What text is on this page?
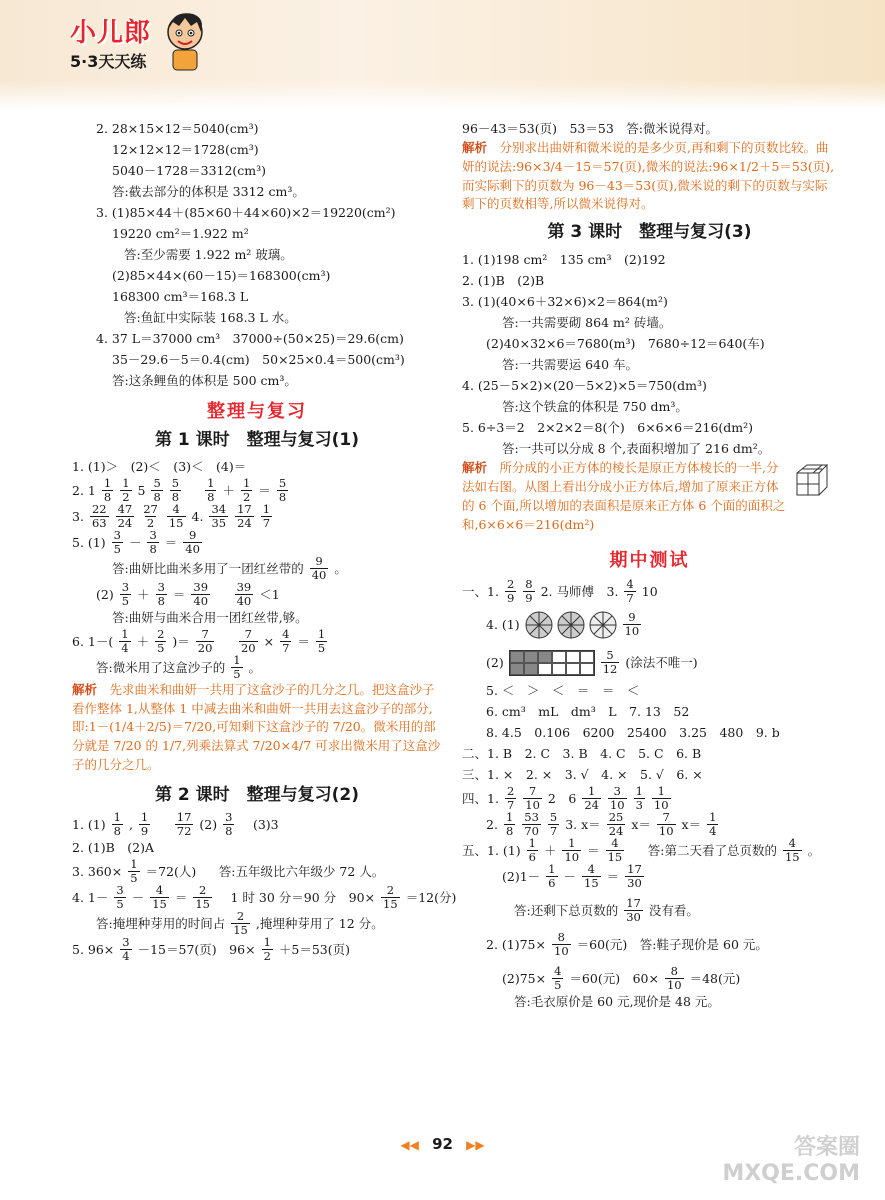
小儿郎
5·3天天练
2. 28×15×12＝5040(cm³)
12×12×12＝1728(cm³)
5040－1728＝3312(cm³)
答:截去部分的体积是 3312 cm³。
3. (1)85×44＋(85×60＋44×60)×2＝19220(cm²)
19220 cm²＝1.922 m²
答:至少需要 1.922 m² 玻璃。
(2)85×44×(60－15)＝168300(cm³)
168300 cm³＝168.3 L
答:鱼缸中实际装 168.3 L 水。
4. 37 L＝37000 cm³　37000÷(50×25)＝29.6(cm)
35－29.6－5＝0.4(cm)　50×25×0.4＝500(cm³)
答:这条鲤鱼的体积是 500 cm³。
整理与复习
第 1 课时　整理与复习(1)
1. (1)＞　(2)＜　(3)＜　(4)＝
2. $1 \frac{1}{8} \frac{1}{2} 5 \frac{5}{8} \frac{5}{8} \frac{1}{8} + \frac{1}{2} = \frac{5}{8}$
3. $\frac{22}{63} \frac{47}{24} \frac{27}{2} \frac{4}{15} 4$. $\frac{34}{35} \frac{17}{24} \frac{1}{7}$
5. $(1) \frac{3}{5} - \frac{3}{8} = \frac{9}{40}$
答:曲妍比曲米多用了一团红丝带的 $\frac{9}{40}$ 。
$(2) \frac{3}{5} + \frac{3}{8} = \frac{39}{40}$
　 $\frac{39}{40} <1$
答:曲妍与曲米合用一团红丝带,够。
6. $1-( \frac{1}{4} + \frac{2}{5}$ )＝ $\frac{7}{20}$
　 $\frac{7}{20} \times \frac{4}{7} = \frac{1}{5}$
答:微米用了这盒沙子的 $\frac{1}{5}$ 。
解析　 先求曲米和曲妍一共用了这盒沙子的几分之几。把这盒沙子看作整体 1,从整体 1 中减去曲米和曲妍一共用去这盒沙子的部分,即:1－(1/4＋2/5)＝7/20,可知剩下这盒沙子的 7/20。微米用的部分就是 7/20 的 1/7,列乘法算式 7/20×4/7 可求出微米用了这盒沙子的几分之几。
第 2 课时　整理与复习(2)
1. $(1) \frac{1}{8}$ , $\frac{1}{9}$
　 $\frac{17}{72} (2) \frac{3}{8}$ 　(3)3
2. (1)B　(2)A
3. $360\times \frac{1}{5} =72$(人)
　 答:五年级比六年级少 72 人。
4. $1- \frac{3}{5} - \frac{4}{15} = \frac{2}{15}$ 　1 时 30 分＝90 分　$90\times \frac{2}{15} =12$(分)
答:掩埋种芽用的时间占 $\frac{2}{15}$ ,掩埋种芽用了 12 分。
5. $96\times \frac{3}{4} -15=57$(页)　$96\times \frac{1}{2} +5=53$(页)
96－43＝53(页)　53＝53　答:微米说得对。
解析　 分别求出曲妍和微米说的是多少页,再和剩下的页数比较。曲妍的说法:96×3/4－15＝57(页),微米的说法:96×1/2＋5＝53(页),而实际剩下的页数为 96－43＝53(页),微米说的剩下的页数与实际剩下的页数相等,所以微米说得对。
第 3 课时　整理与复习(3)
1. (1)198 cm²　135 cm³　(2)192
2. (1)B　(2)B
3. (1)(40×6＋32×6)×2＝864(m²)
答:一共需要砌 864 m² 砖墙。
(2)40×32×6＝7680(m³)　7680÷12＝640(车)
答:一共需要运 640 车。
4. (25－5×2)×(20－5×2)×5＝750(dm³)
答:这个铁盒的体积是 750 dm³。
5. 6÷3＝2　2×2×2＝8(个)　6×6×6＝216(dm²)
答:一共可以分成 8 个,表面积增加了 216 dm²。
解析　 所分成的小正方体的棱长是原正方体棱长的一半,分法如右图。从图上看出分成小正方体后,增加了原来正方体的 6 个面,所以增加的表面积是原来正方体 6 个面的面积之和,6×6×6＝216(dm²)
期中测试
一、1. $\frac{2}{9} \frac{8}{9} 2$. 马师傅　3. $\frac{4}{7} 10$
4. (1)	$\frac{9}{10}$
(2)	$\frac{5}{12}$ (涂法不唯一)
5. ＜　＞　＜　＝　＝　＜
6. cm³　mL　dm³　L　7. 13　52
8. 4.5　0.106　6200　25400　3.25　480　9. b
二、1. B　2. C　3. B　4. C　5. C　6. B
三、1. ×　2. ×　3. √　4. ×　5. √　6. ×
四、1. $\frac{2}{7} \frac{7}{10} 2$　$6 \frac{1}{24} \frac{3}{10} \frac{1}{3} \frac{1}{10}$
2. $\frac{1}{8} \frac{53}{70} \frac{5}{7} 3$. $x= \frac{25}{24} x= \frac{7}{10} x= \frac{1}{4}$
五、1. $(1) \frac{1}{6} + \frac{1}{10} = \frac{4}{15}$
　 答:第二天看了总页数的 $\frac{4}{15}$ 。
$(2)1- \frac{1}{6} - \frac{4}{15} = \frac{17}{30}$
答:还剩下总页数的 $\frac{17}{30}$ 没有看。
2. $(1)75\times \frac{8}{10} =60$(元)　答:鞋子现价是 60 元。
$(2)75\times \frac{4}{5} =60$(元)　$60\times \frac{8}{10} =48$(元)
答:毛衣原价是 60 元,现价是 48 元。
◀◀ 92 ▶▶	答案圈 MXQE.COM
